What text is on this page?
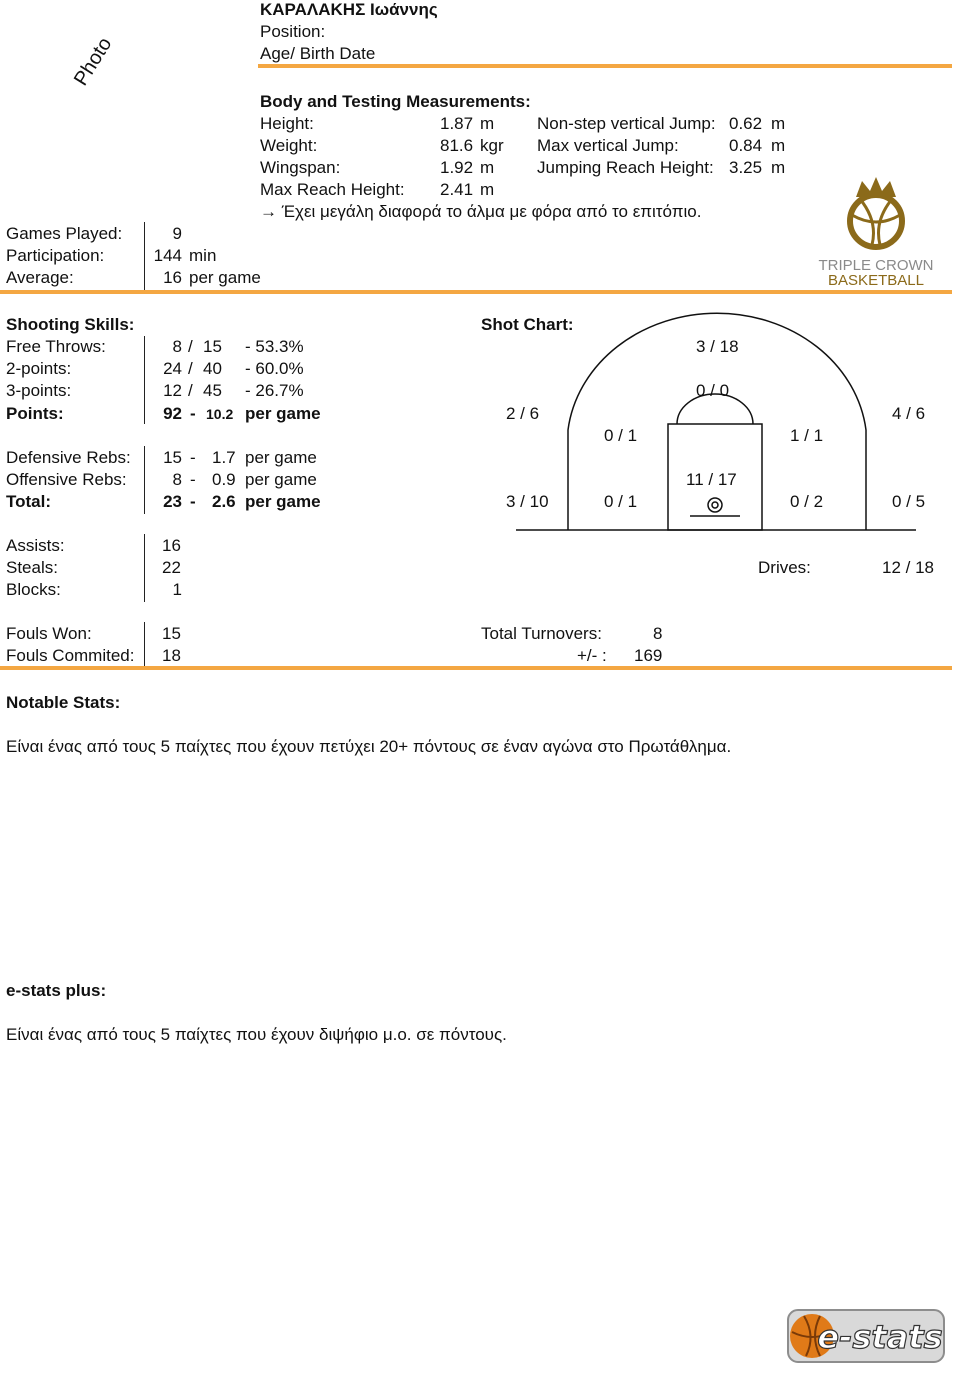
Photo
ΚΑΡΑΛΑΚΗΣ Ιωάννης
Position:
Age/ Birth Date
Body and Testing Measurements:
Height:	1.87 m
Weight:	81.6 kgr
Wingspan:	1.92 m
Max Reach Height: 2.41 m
Non-step vertical Jump: 0.62 m
Max vertical Jump:	0.84 m
Jumping Reach Height: 3.25 m
→ Έχει μεγάλη διαφορά το άλμα με φόρα από το επιτόπιο.
Games Played:	9
Participation:	144 min
Average:	16 per game
TRIPLE CROWN
BASKETBALL
Shooting Skills:
Free Throws:	8 / 15 - 53.3%
2-points:	24 / 40 - 60.0%
3-points:	12 / 45 - 26.7%
Points:	92 - 10.2 per game
Defensive Rebs:	15 - 1.7 per game
Offensive Rebs:	8 - 0.9 per game
Total:	23 - 2.6 per game
Shot Chart:
3 / 18
0 / 0
2 / 6	4 / 6
0 / 1	1 / 1
11 / 17
3 / 10	0 / 1	0 / 2	0 / 5
Assists:	16
Steals:	22
Blocks:	1
Drives:	12 / 18
Fouls Won:	15
Fouls Commited: 18
Total Turnovers:	8
+/- : 169
Notable Stats:
Είναι ένας από τους 5 παίχτες που έχουν πετύχει 20+ πόντους σε έναν αγώνα στο Πρωτάθλημα.
e-stats plus:
Είναι ένας από τους 5 παίχτες που έχουν διψήφιο μ.ο. σε πόντους.
e-stats
